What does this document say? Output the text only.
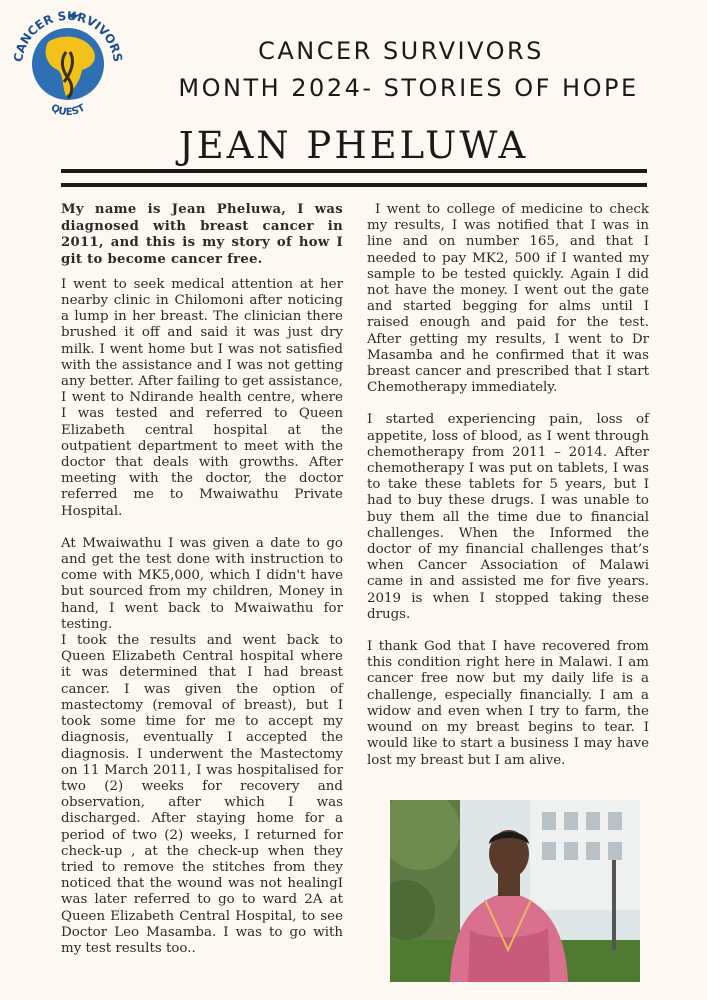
CANCER SURVIVORS
QUEST
CANCER SURVIVORS
MONTH 2024- STORIES OF HOPE
JEAN PHELUWA

My name is Jean Pheluwa, I was diagnosed with breast cancer in 2011, and this is my story of how I git to become cancer free.

I went to seek medical attention at her nearby clinic in Chilomoni after noticing a lump in her breast. The clinician there brushed it off and said it was just dry milk. I went home but I was not satisfied with the assistance and I was not getting any better. After failing to get assistance, I went to Ndirande health centre, where I was tested and referred to Queen Elizabeth central hospital at the outpatient department to meet with the doctor that deals with growths. After meeting with the doctor, the doctor referred me to Mwaiwathu Private Hospital.

At Mwaiwathu I was given a date to go and get the test done with instruction to come with MK5,000, which I didn't have but sourced from my children, Money in hand, I went back to Mwaiwathu for testing.

I took the results and went back to Queen Elizabeth Central hospital where it was determined that I had breast cancer. I was given the option of mastectomy (removal of breast), but I took some time for me to accept my diagnosis, eventually I accepted the diagnosis. I underwent the Mastectomy on 11 March 2011, I was hospitalised for two (2) weeks for recovery and observation, after which I was discharged. After staying home for a period of two (2) weeks, I returned for check-up , at the check-up when they tried to remove the stitches from they noticed that the wound was not healingI was later referred to go to ward 2A at Queen Elizabeth Central Hospital, to see Doctor Leo Masamba. I was to go with my test results too..

I went to college of medicine to check my results, I was notified that I was in line and on number 165, and that I needed to pay MK2, 500 if I wanted my sample to be tested quickly. Again I did not have the money. I went out the gate and started begging for alms until I raised enough and paid for the test. After getting my results, I went to Dr Masamba and he confirmed that it was breast cancer and prescribed that I start Chemotherapy immediately.

I started experiencing pain, loss of appetite, loss of blood, as I went through chemotherapy from 2011 – 2014. After chemotherapy I was put on tablets, I was to take these tablets for 5 years, but I had to buy these drugs. I was unable to buy them all the time due to financial challenges. When the Informed the doctor of my financial challenges that’s when Cancer Association of Malawi came in and assisted me for five years. 2019 is when I stopped taking these drugs.

I thank God that I have recovered from this condition right here in Malawi. I am cancer free now but my daily life is a challenge, especially financially. I am a widow and even when I try to farm, the wound on my breast begins to tear. I would like to start a business I may have lost my breast but I am alive.
